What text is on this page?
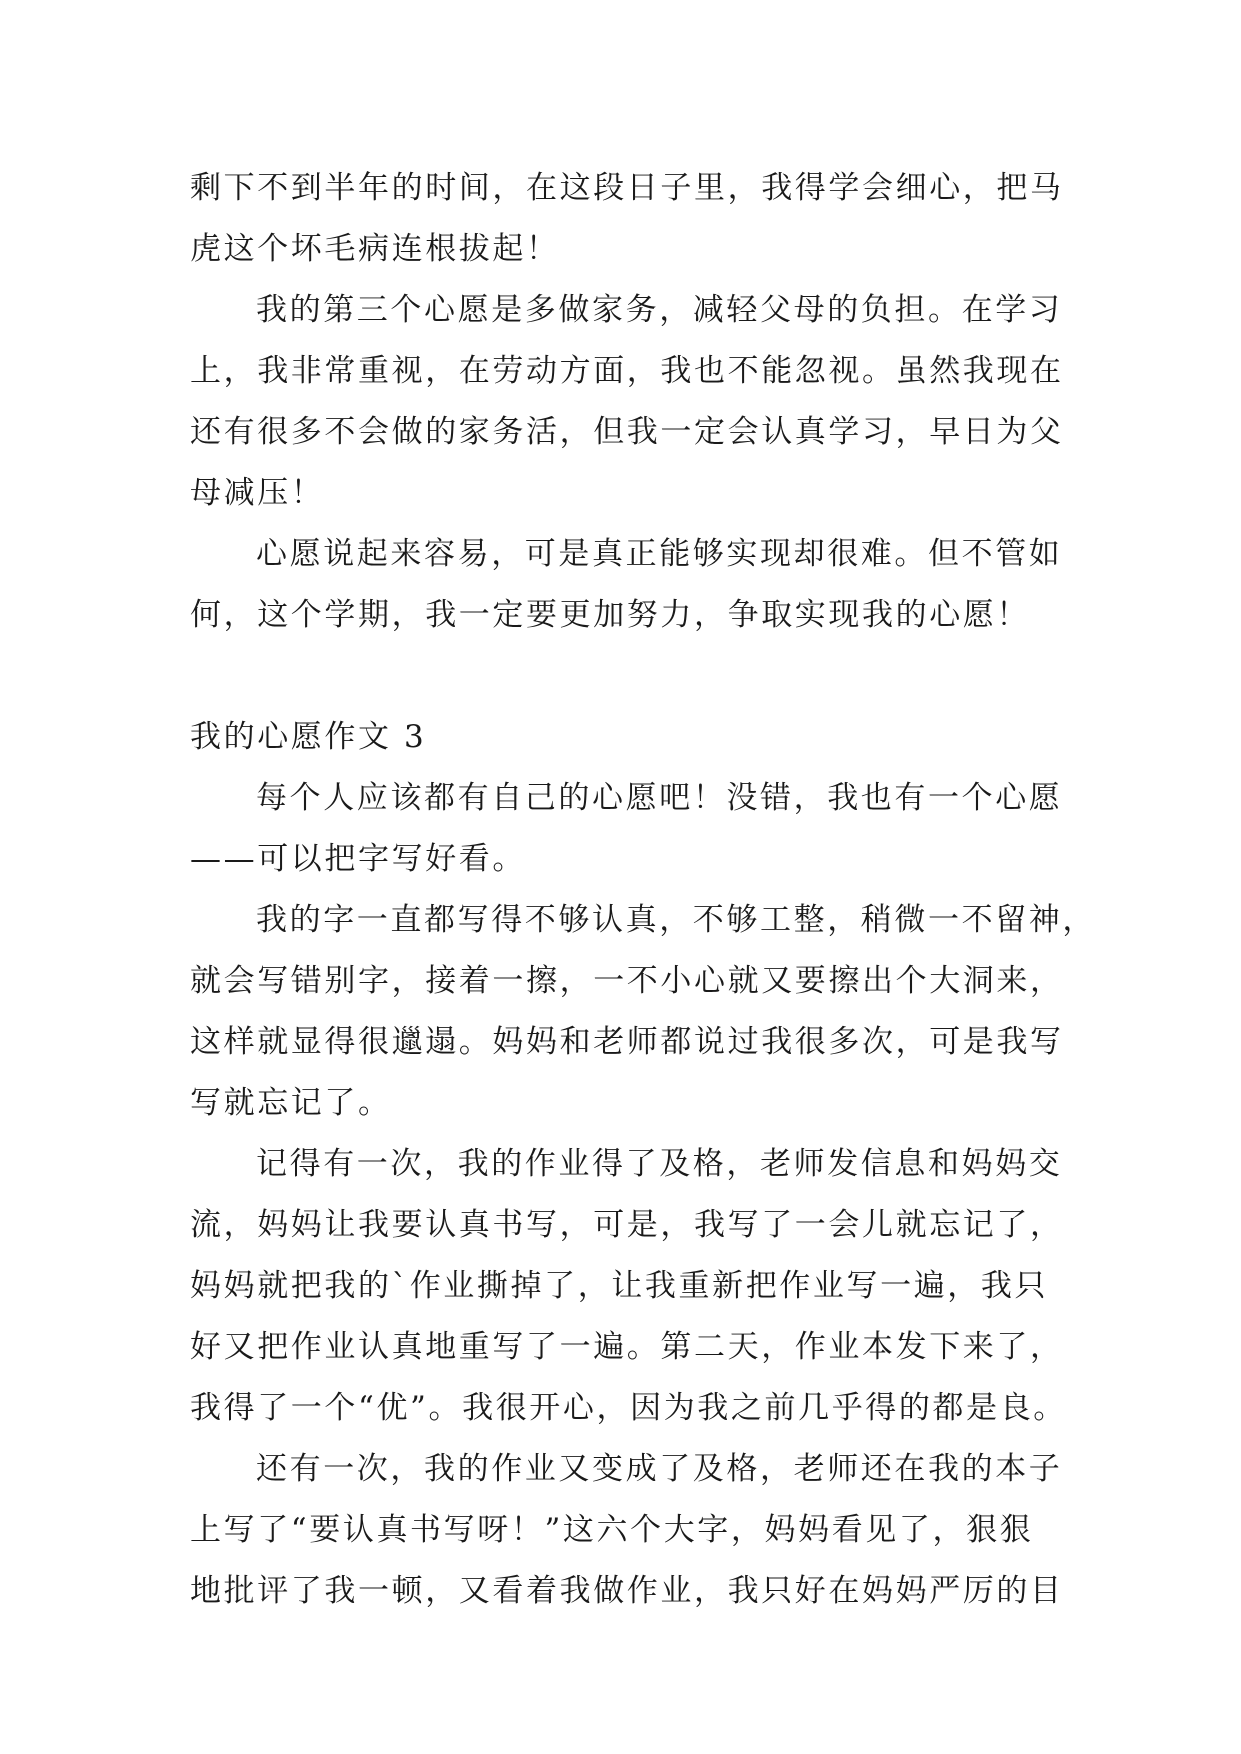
剩下不到半年的时间，在这段日子里，我得学会细心，把马
虎这个坏毛病连根拔起！
我的第三个心愿是多做家务，减轻父母的负担。在学习
上，我非常重视，在劳动方面，我也不能忽视。虽然我现在
还有很多不会做的家务活，但我一定会认真学习，早日为父
母减压！
心愿说起来容易，可是真正能够实现却很难。但不管如
何，这个学期，我一定要更加努力，争取实现我的心愿！
我的心愿作文 3
每个人应该都有自己的心愿吧！没错，我也有一个心愿
——可以把字写好看。
我的字一直都写得不够认真，不够工整，稍微一不留神，
就会写错别字，接着一擦，一不小心就又要擦出个大洞来，
这样就显得很邋遢。妈妈和老师都说过我很多次，可是我写
写就忘记了。
记得有一次，我的作业得了及格，老师发信息和妈妈交
流，妈妈让我要认真书写，可是，我写了一会儿就忘记了，
妈妈就把我的`作业撕掉了，让我重新把作业写一遍，我只
好又把作业认真地重写了一遍。第二天，作业本发下来了，
我得了一个“优”。我很开心，因为我之前几乎得的都是良。
还有一次，我的作业又变成了及格，老师还在我的本子
上写了“要认真书写呀！”这六个大字，妈妈看见了，狠狠
地批评了我一顿，又看着我做作业，我只好在妈妈严厉的目
